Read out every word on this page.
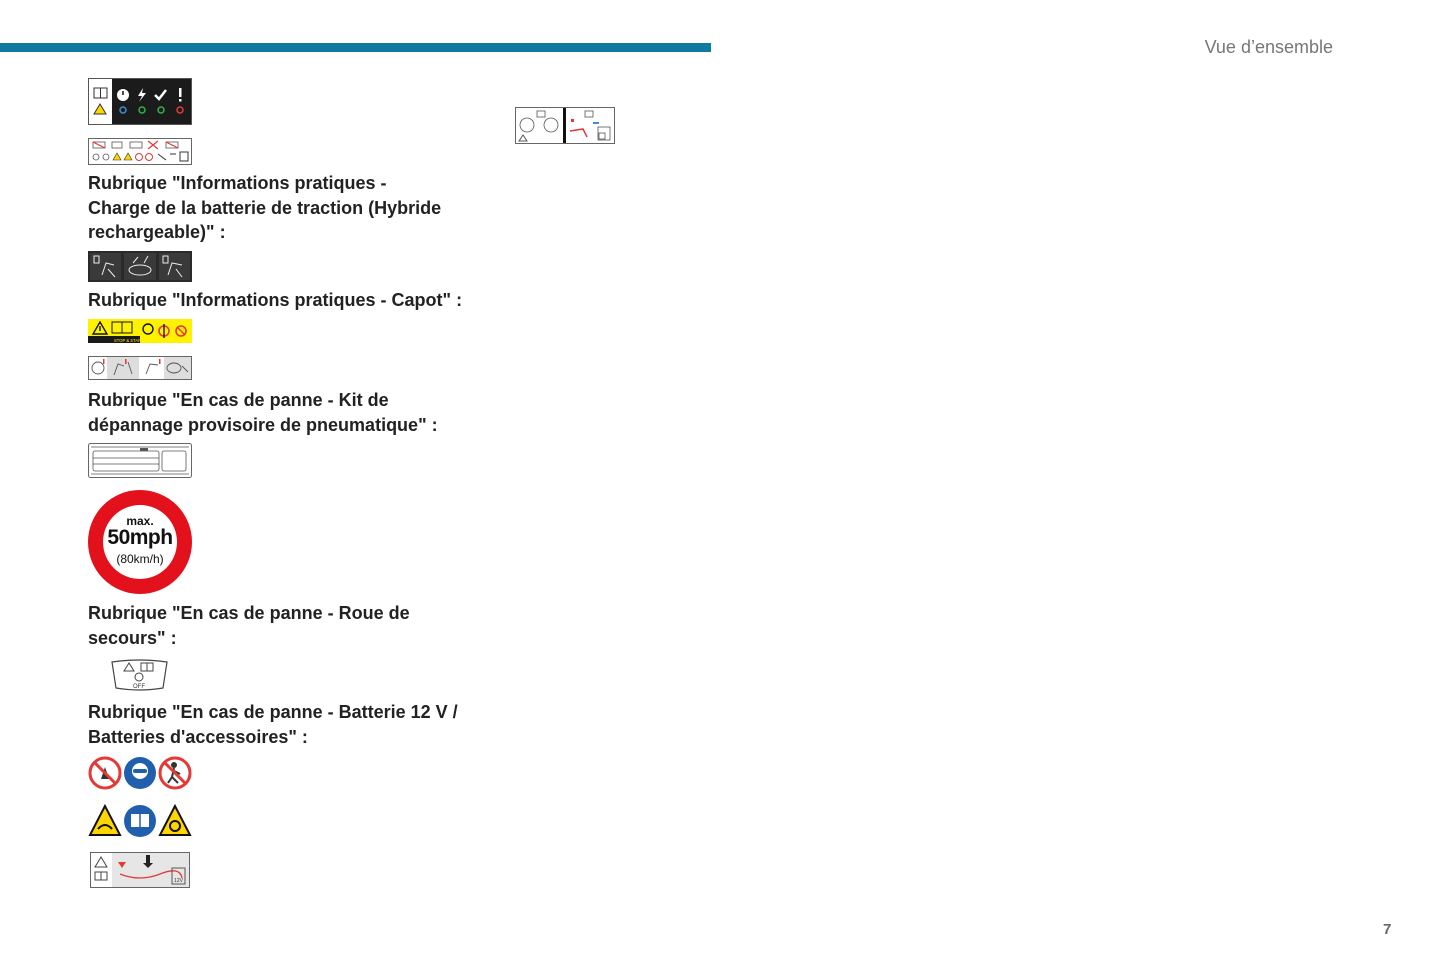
Vue d’ensemble
Rubrique "Informations pratiques -
Charge de la batterie de traction (Hybride
rechargeable)" :
Rubrique "Informations pratiques - Capot" :
STOP & START SYSTEM
Rubrique "En cas de panne - Kit de
dépannage provisoire de pneumatique" :
max.
50mph
(80km/h)
Rubrique "En cas de panne - Roue de
secours" :
OFF
Rubrique "En cas de panne - Batterie 12 V /
Batteries d'accessoires" :
12V
7
